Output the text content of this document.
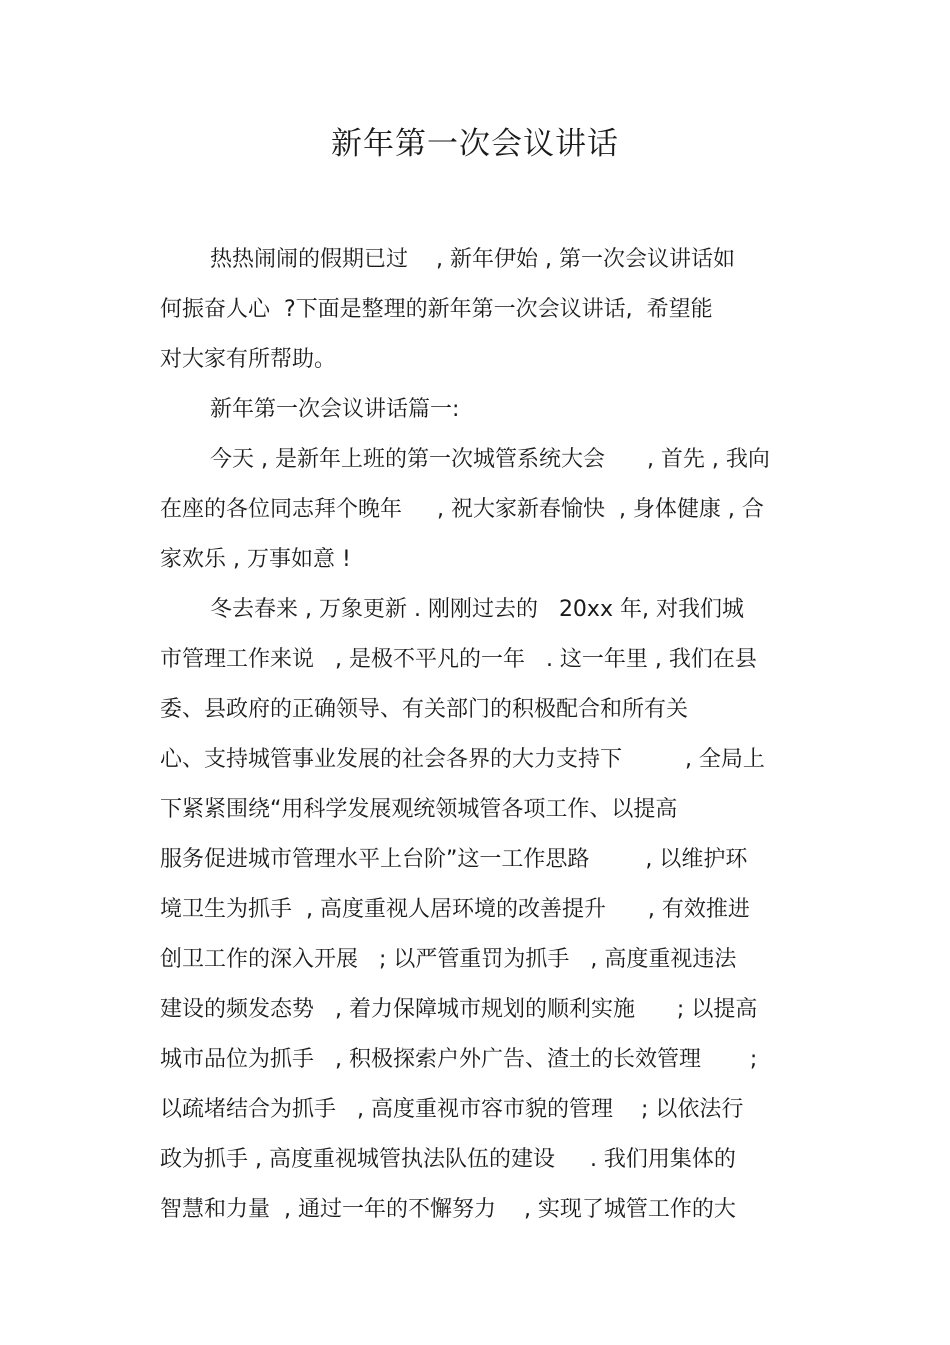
新年第一次会议讲话

热热闹闹的假期已过    , 新年伊始 , 第一次会议讲话如

何振奋人心  ?下面是整理的新年第一次会议讲话,  希望能

对大家有所帮助。

新年第一次会议讲话篇一:

今天 , 是新年上班的第一次城管系统大会      , 首先 , 我向

在座的各位同志拜个晚年     , 祝大家新春愉快  , 身体健康 , 合

家欢乐 , 万事如意 !

冬去春来 , 万象更新 . 刚刚过去的   20xx 年, 对我们城

市管理工作来说   , 是极不平凡的一年   . 这一年里 , 我们在县

委、县政府的正确领导、有关部门的积极配合和所有关

心、支持城管事业发展的社会各界的大力支持下         , 全局上

下紧紧围绕“用科学发展观统领城管各项工作、以提高

服务促进城市管理水平上台阶”这一工作思路        , 以维护环

境卫生为抓手  , 高度重视人居环境的改善提升      , 有效推进

创卫工作的深入开展   ; 以严管重罚为抓手   , 高度重视违法

建设的频发态势   , 着力保障城市规划的顺利实施      ; 以提高

城市品位为抓手   , 积极探索户外广告、渣土的长效管理       ;

以疏堵结合为抓手   , 高度重视市容市貌的管理    ; 以依法行

政为抓手 , 高度重视城管执法队伍的建设     . 我们用集体的

智慧和力量  , 通过一年的不懈努力    , 实现了城管工作的大
